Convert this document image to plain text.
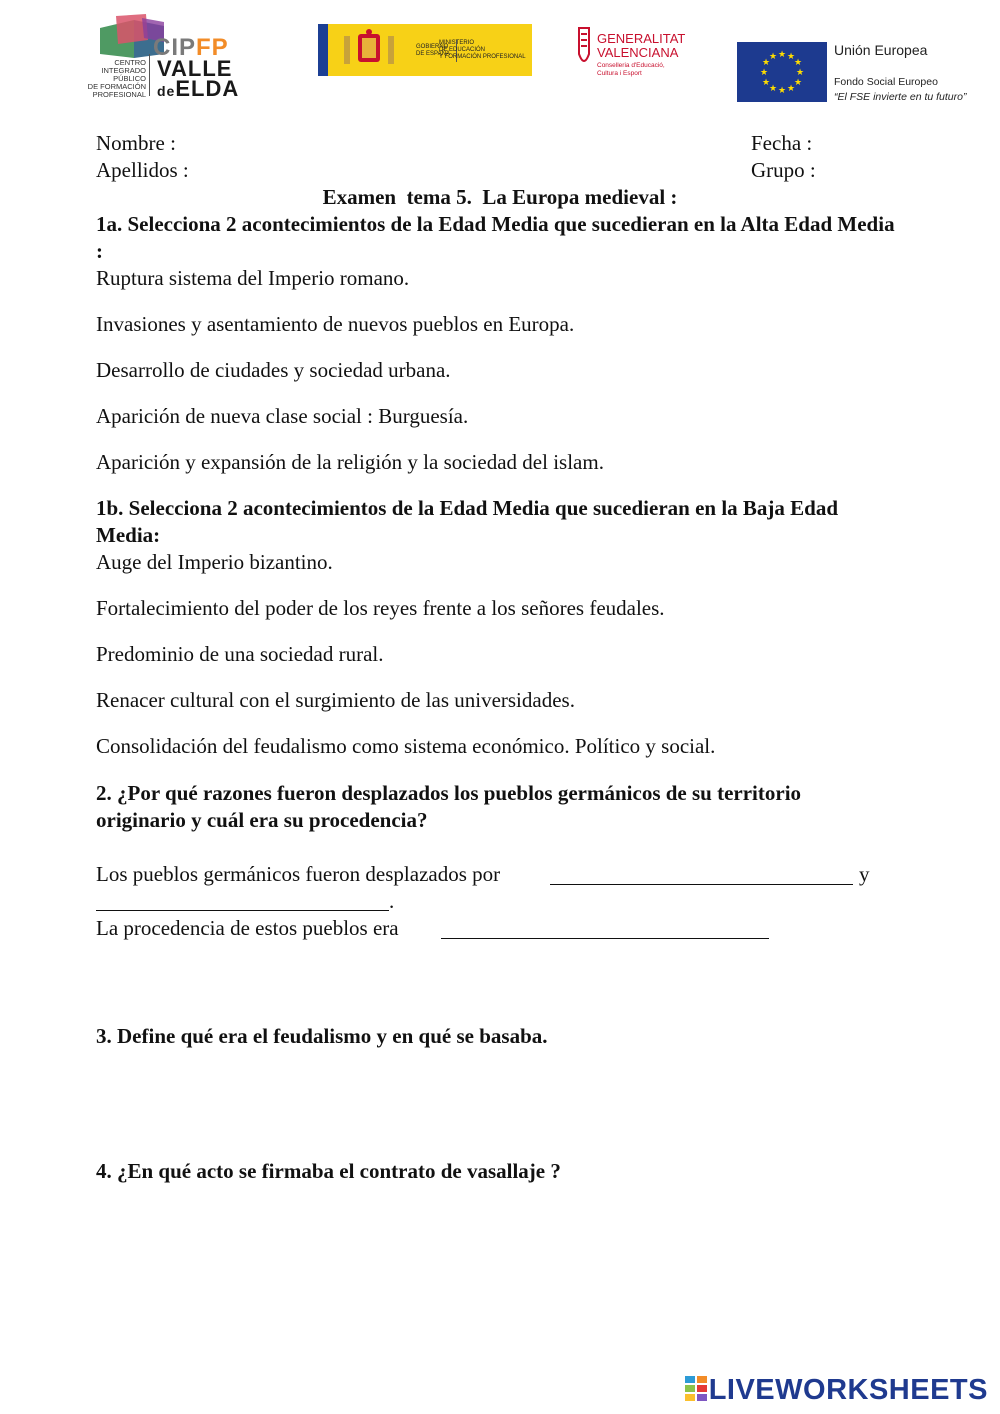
CENTRO
INTEGRADO PÚBLICO
DE FORMACIÓN
PROFESIONAL
CIPFP
VALLE
deELDA
GOBIERNO
DE ESPAÑA
MINISTERIO
DE EDUCACIÓN
Y FORMACIÓN PROFESIONAL
GENERALITAT
VALENCIANA
Conselleria d'Educació,
Cultura i Esport
★ ★
★
★
★
★
★
★
★
★
★
★	Unión Europea
Fondo Social Europeo
“El FSE invierte en tu futuro”
Nombre :
Apellidos :
Fecha :
Grupo :
Examen  tema 5.  La Europa medieval :
1a. Selecciona 2 acontecimientos de la Edad Media que sucedieran en la Alta Edad Media :
Ruptura sistema del Imperio romano.
Invasiones y asentamiento de nuevos pueblos en Europa.
Desarrollo de ciudades y sociedad urbana.
Aparición de nueva clase social : Burguesía.
Aparición y expansión de la religión y la sociedad del islam.
1b. Selecciona 2 acontecimientos de la Edad Media que sucedieran en la Baja Edad Media:
Auge del Imperio bizantino.
Fortalecimiento del poder de los reyes frente a los señores feudales.
Predominio de una sociedad rural.
Renacer cultural con el surgimiento de las universidades.
Consolidación del feudalismo como sistema económico. Político y social.
2. ¿Por qué razones fueron desplazados los pueblos germánicos de su territorio originario y cuál era su procedencia?
Los pueblos germánicos fueron desplazados por	y
.
La procedencia de estos pueblos era
3. Define qué era el feudalismo y en qué se basaba.
4. ¿En qué acto se firmaba el contrato de vasallaje ?
LIVEWORKSHEETS
